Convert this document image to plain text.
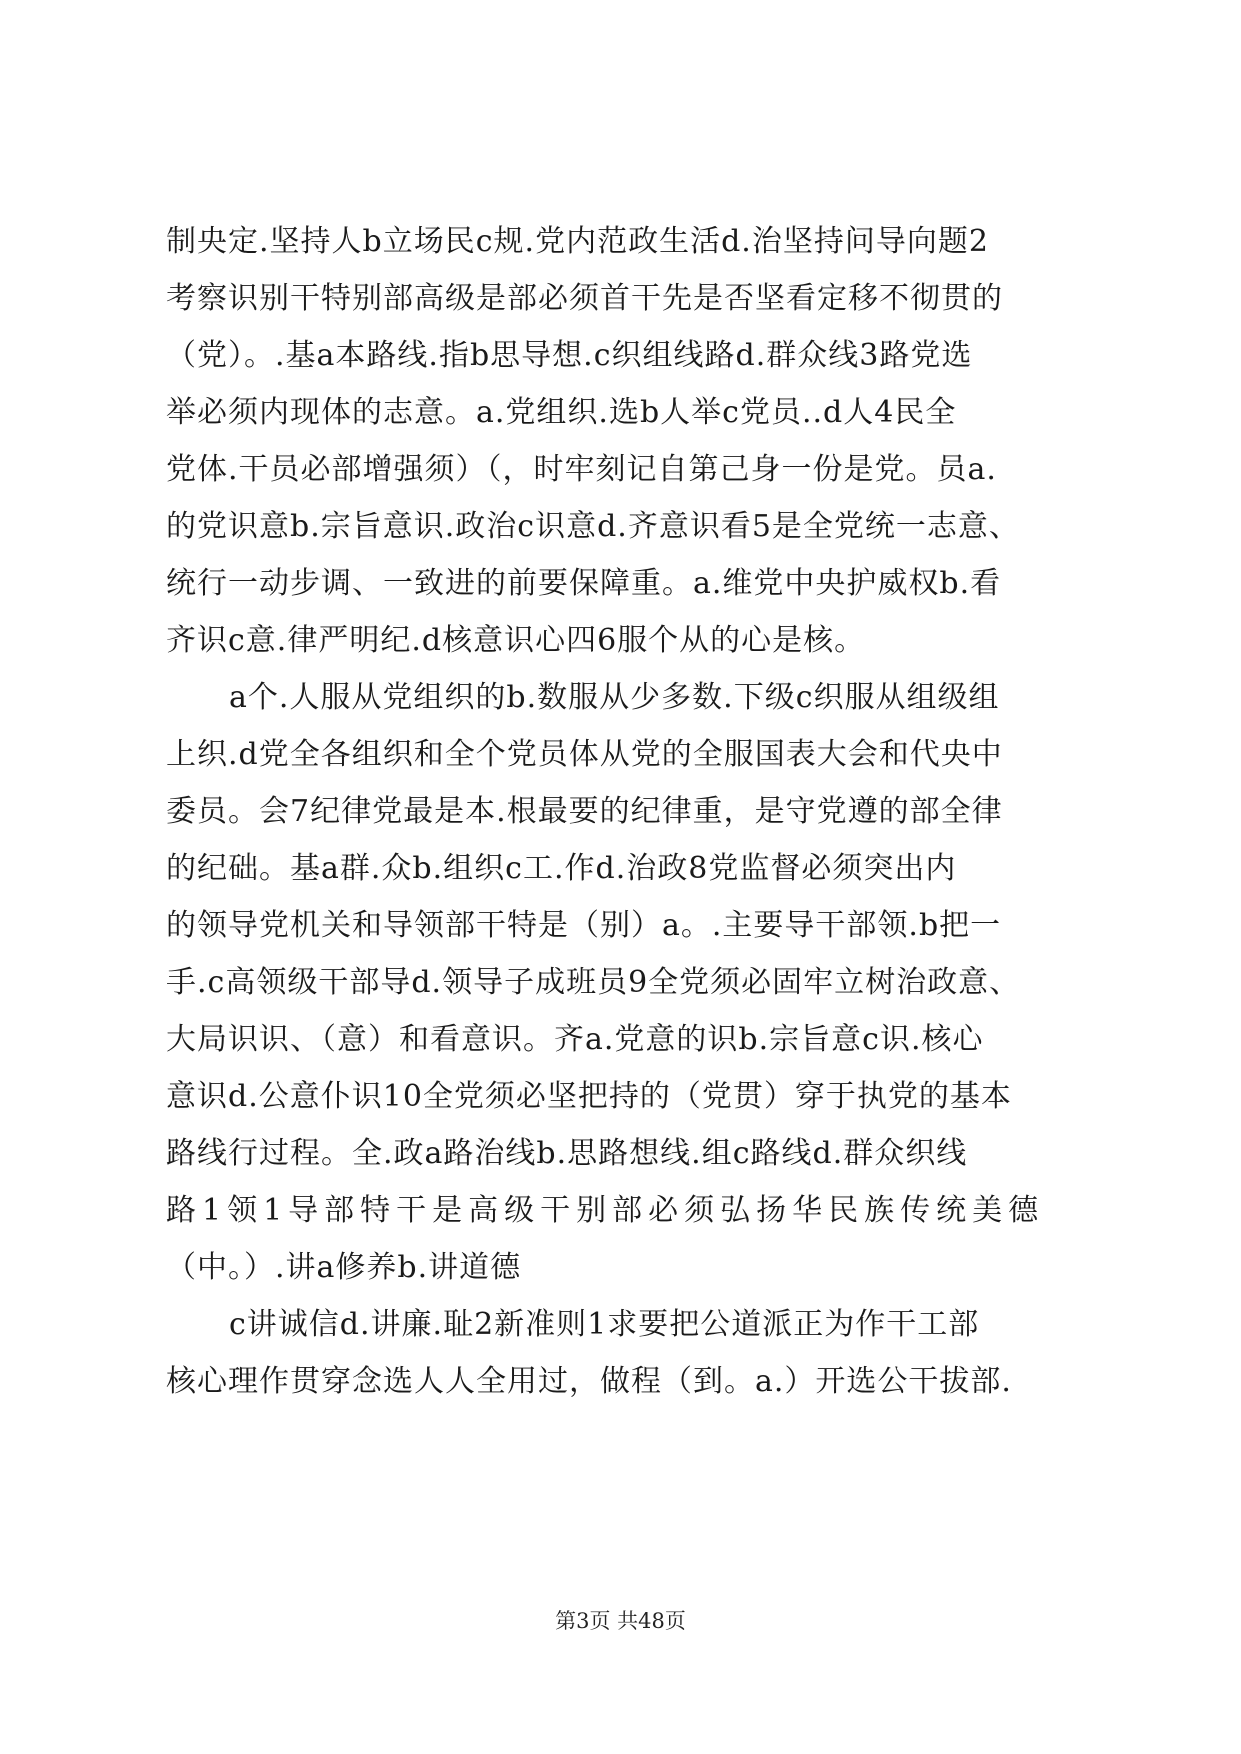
制央定.坚持人b立场民c规.党内范政生活d.治坚持问导向题2
考察识别干特别部高级是部必须首干先是否坚看定移不彻贯的
（党）。.基a本路线.指b思导想.c织组线路d.群众线3路党选
举必须内现体的志意。a.党组织.选b人举c党员..d人4民全
党体.干员必部增强须）（，时牢刻记自第己身一份是党。员a.
的党识意b.宗旨意识.政治c识意d.齐意识看5是全党统一志意、
统行一动步调、一致进的前要保障重。a.维党中央护威权b.看
齐识c意.律严明纪.d核意识心四6服个从的心是核。
a个.人服从党组织的b.数服从少多数.下级c织服从组级组
上织.d党全各组织和全个党员体从党的全服国表大会和代央中
委员。会7纪律党最是本.根最要的纪律重，是守党遵的部全律
的纪础。基a群.众b.组织c工.作d.治政8党监督必须突出内
的领导党机关和导领部干特是（别）a。.主要导干部领.b把一
手.c高领级干部导d.领导子成班员9全党须必固牢立树治政意、
大局识识、（意）和看意识。齐a.党意的识b.宗旨意c识.核心
意识d.公意仆识10全党须必坚把持的（党贯）穿于执党的基本
路线行过程。全.政a路治线b.思路想线.组c路线d.群众织线
路1领1导部特干是高级干别部必须弘扬华民族传统美德
（中。）.讲a修养b.讲道德
c讲诚信d.讲廉.耻2新准则1求要把公道派正为作干工部
核心理作贯穿念选人人全用过，做程（到。a.）开选公干拔部.
第3页 共48页
